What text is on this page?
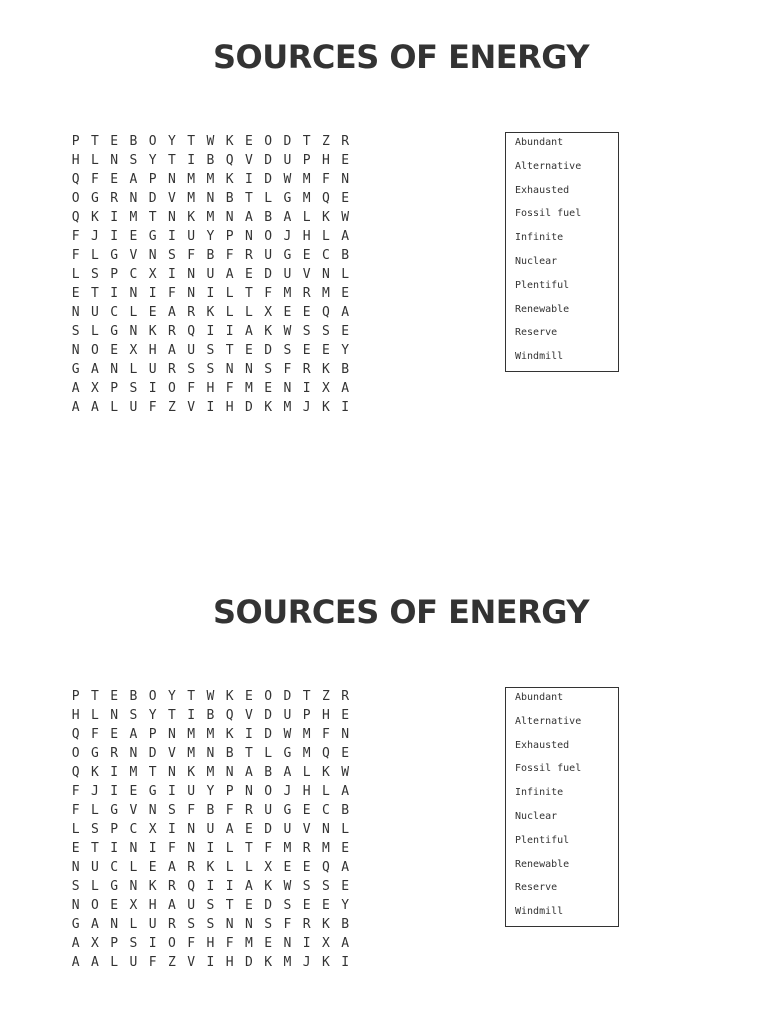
SOURCES OF ENERGY
P T E B O Y T W K E O D T Z R
H L N S Y T I B Q V D U P H E
Q F E A P N M M K I D W M F N
O G R N D V M N B T L G M Q E
Q K I M T N K M N A B A L K W
F J I E G I U Y P N O J H L A
F L G V N S F B F R U G E C B
L S P C X I N U A E D U V N L
E T I N I F N I L T F M R M E
N U C L E A R K L L X E E Q A
S L G N K R Q I I A K W S S E
N O E X H A U S T E D S E E Y
G A N L U R S S N N S F R K B
A X P S I O F H F M E N I X A
A A L U F Z V I H D K M J K I
Abundant
Alternative
Exhausted
Fossil fuel
Infinite
Nuclear
Plentiful
Renewable
Reserve
Windmill
SOURCES OF ENERGY
P T E B O Y T W K E O D T Z R
H L N S Y T I B Q V D U P H E
Q F E A P N M M K I D W M F N
O G R N D V M N B T L G M Q E
Q K I M T N K M N A B A L K W
F J I E G I U Y P N O J H L A
F L G V N S F B F R U G E C B
L S P C X I N U A E D U V N L
E T I N I F N I L T F M R M E
N U C L E A R K L L X E E Q A
S L G N K R Q I I A K W S S E
N O E X H A U S T E D S E E Y
G A N L U R S S N N S F R K B
A X P S I O F H F M E N I X A
A A L U F Z V I H D K M J K I
Abundant
Alternative
Exhausted
Fossil fuel
Infinite
Nuclear
Plentiful
Renewable
Reserve
Windmill
